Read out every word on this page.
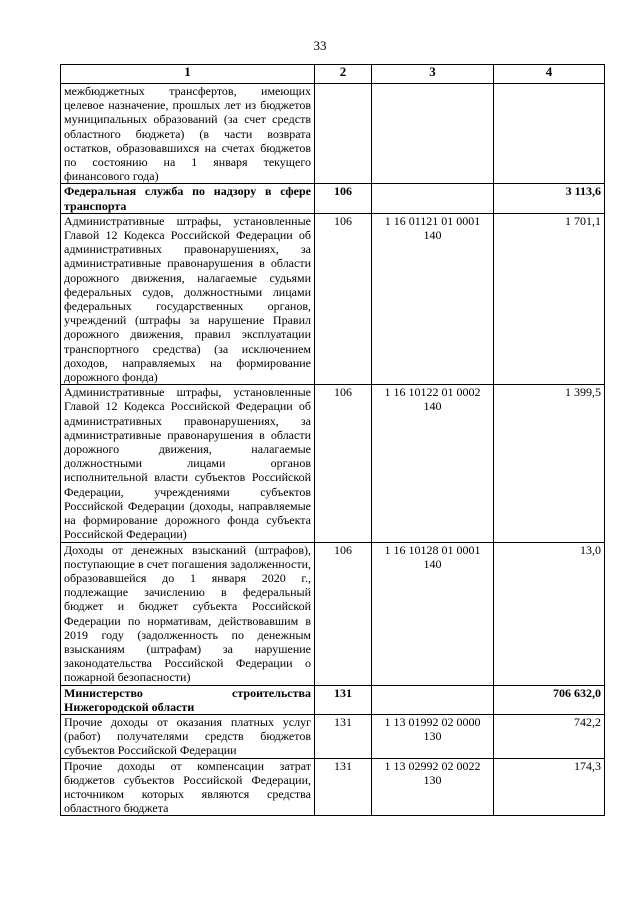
33
1	2	3	4
межбюджетных трансфертов, имеющих целевое назначение, прошлых лет из бюджетов муниципальных образований (за счет средств областного бюджета) (в части возврата остатков, образовавшихся на счетах бюджетов по состоянию на 1 января текущего финансового года)			
Федеральная служба по надзору в сфере транспорта	106		3 113,6
Административные штрафы, установленные Главой 12 Кодекса Российской Федерации об административных правонарушениях, за административные правонарушения в области дорожного движения, налагаемые судьями федеральных судов, должностными лицами федеральных государственных органов, учреждений (штрафы за нарушение Правил дорожного движения, правил эксплуатации транспортного средства) (за исключением доходов, направляемых на формирование дорожного фонда)	106	1 16 01121 01 0001 140	1 701,1
Административные штрафы, установленные Главой 12 Кодекса Российской Федерации об административных правонарушениях, за административные правонарушения в области дорожного движения, налагаемые должностными лицами органов исполнительной власти субъектов Российской Федерации, учреждениями субъектов Российской Федерации (доходы, направляемые на формирование дорожного фонда субъекта Российской Федерации)	106	1 16 10122 01 0002 140	1 399,5
Доходы от денежных взысканий (штрафов), поступающие в счет погашения задолженности, образовавшейся до 1 января 2020 г., подлежащие зачислению в федеральный бюджет и бюджет субъекта Российской Федерации по нормативам, действовавшим в 2019 году (задолженность по денежным взысканиям (штрафам) за нарушение законодательства Российской Федерации о пожарной безопасности)	106	1 16 10128 01 0001 140	13,0
Министерство строительства Нижегородской области	131		706 632,0
Прочие доходы от оказания платных услуг (работ) получателями средств бюджетов субъектов Российской Федерации	131	1 13 01992 02 0000 130	742,2
Прочие доходы от компенсации затрат бюджетов субъектов Российской Федерации, источником которых являются средства областного бюджета	131	1 13 02992 02 0022 130	174,3
